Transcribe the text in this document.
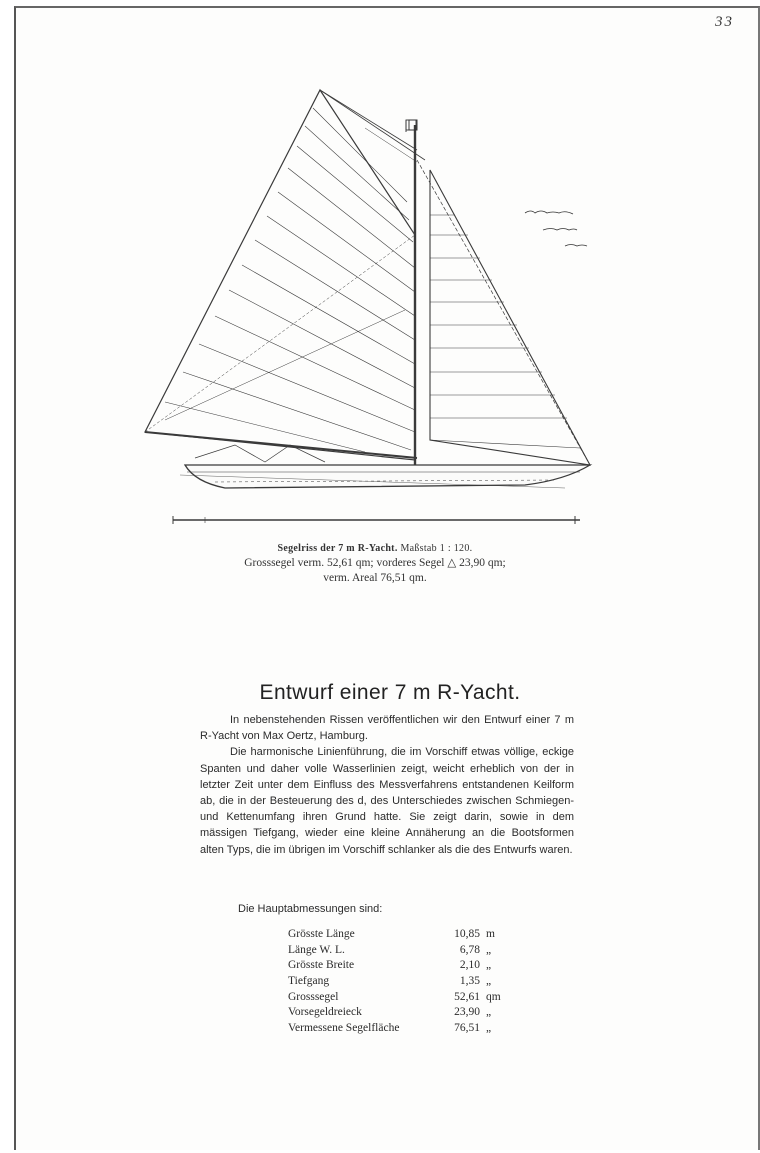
33
Segelriss der 7 m R-Yacht. Maßstab 1 : 120.
Grosssegel verm. 52,61 qm; vorderes Segel △ 23,90 qm;
verm. Areal 76,51 qm.
Entwurf einer 7 m R-Yacht.

In nebenstehenden Rissen veröffentlichen wir den Entwurf einer 7 m R-Yacht von Max Oertz, Hamburg.

Die harmonische Linienführung, die im Vorschiff etwas völlige, eckige Spanten und daher volle Wasserlinien zeigt, weicht erheblich von der in letzter Zeit unter dem Einfluss des Messverfahrens entstandenen Keilform ab, die in der Besteuerung des d, des Unterschiedes zwischen Schmiegen- und Kettenumfang ihren Grund hatte. Sie zeigt darin, sowie in dem mässigen Tiefgang, wieder eine kleine Annäherung an die Bootsformen alten Typs, die im übrigen im Vorschiff schlanker als die des Entwurfs waren.

Die Hauptabmessungen sind:
Grösste Länge	10,85	m
Länge W. L.	6,78	„
Grösste Breite	2,10	„
Tiefgang	1,35	„
Grosssegel	52,61	qm
Vorsegeldreieck	23,90	„
Vermessene Segelfläche	76,51	„
